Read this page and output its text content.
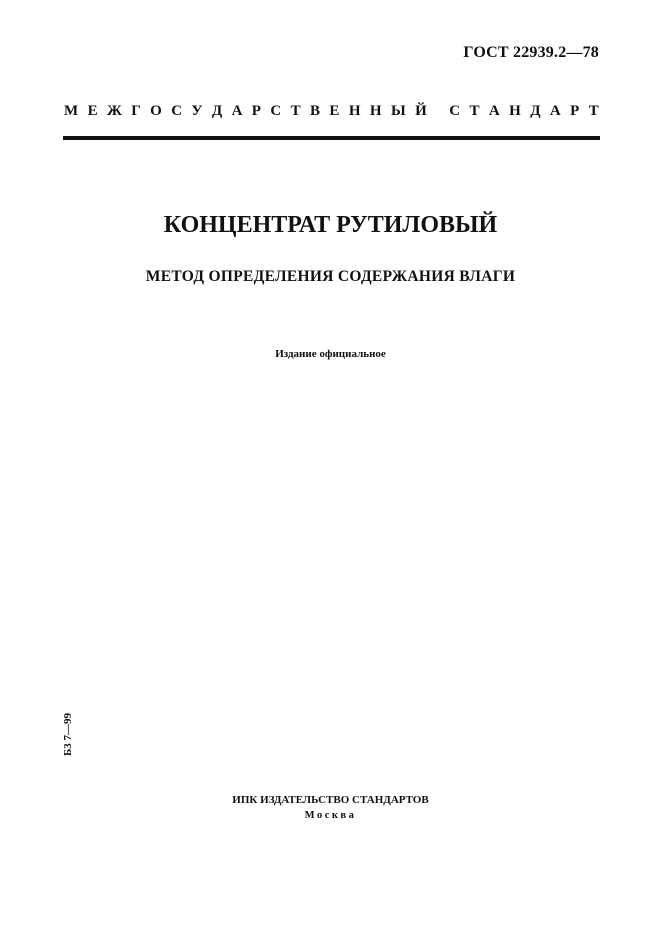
ГОСТ 22939.2—78
М Е Ж Г О С У Д А Р С Т В Е Н Н Ы Й
С Т А Н Д А Р Т
КОНЦЕНТРАТ РУТИЛОВЫЙ
МЕТОД ОПРЕДЕЛЕНИЯ СОДЕРЖАНИЯ ВЛАГИ
Издание официальное
Б3 7—99
ИПК ИЗДАТЕЛЬСТВО СТАНДАРТОВ
Москва
